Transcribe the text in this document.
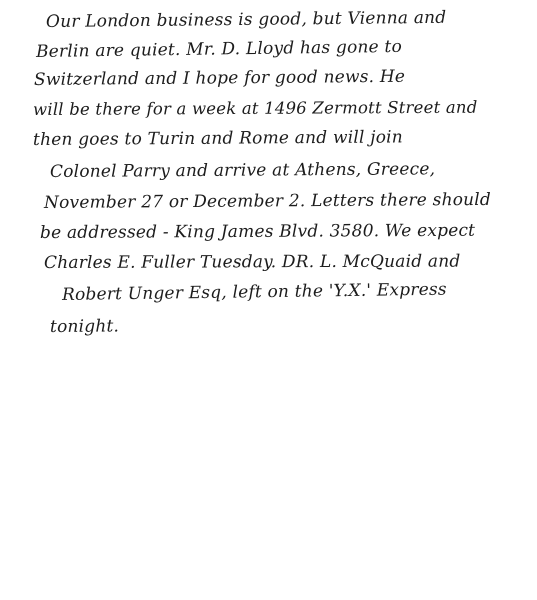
Our London business is good, but Vienna and
Berlin are quiet. Mr. D. Lloyd has gone to
Switzerland and I hope for good news. He
will be there for a week at 1496 Zermott Street and
then goes to Turin and Rome and will join
Colonel Parry and arrive at Athens, Greece,
November 27 or December 2. Letters there should
be addressed - King James Blvd. 3580. We expect
Charles E. Fuller Tuesday. DR. L. McQuaid and
Robert Unger Esq, left on the 'Y.X.' Express
tonight.
